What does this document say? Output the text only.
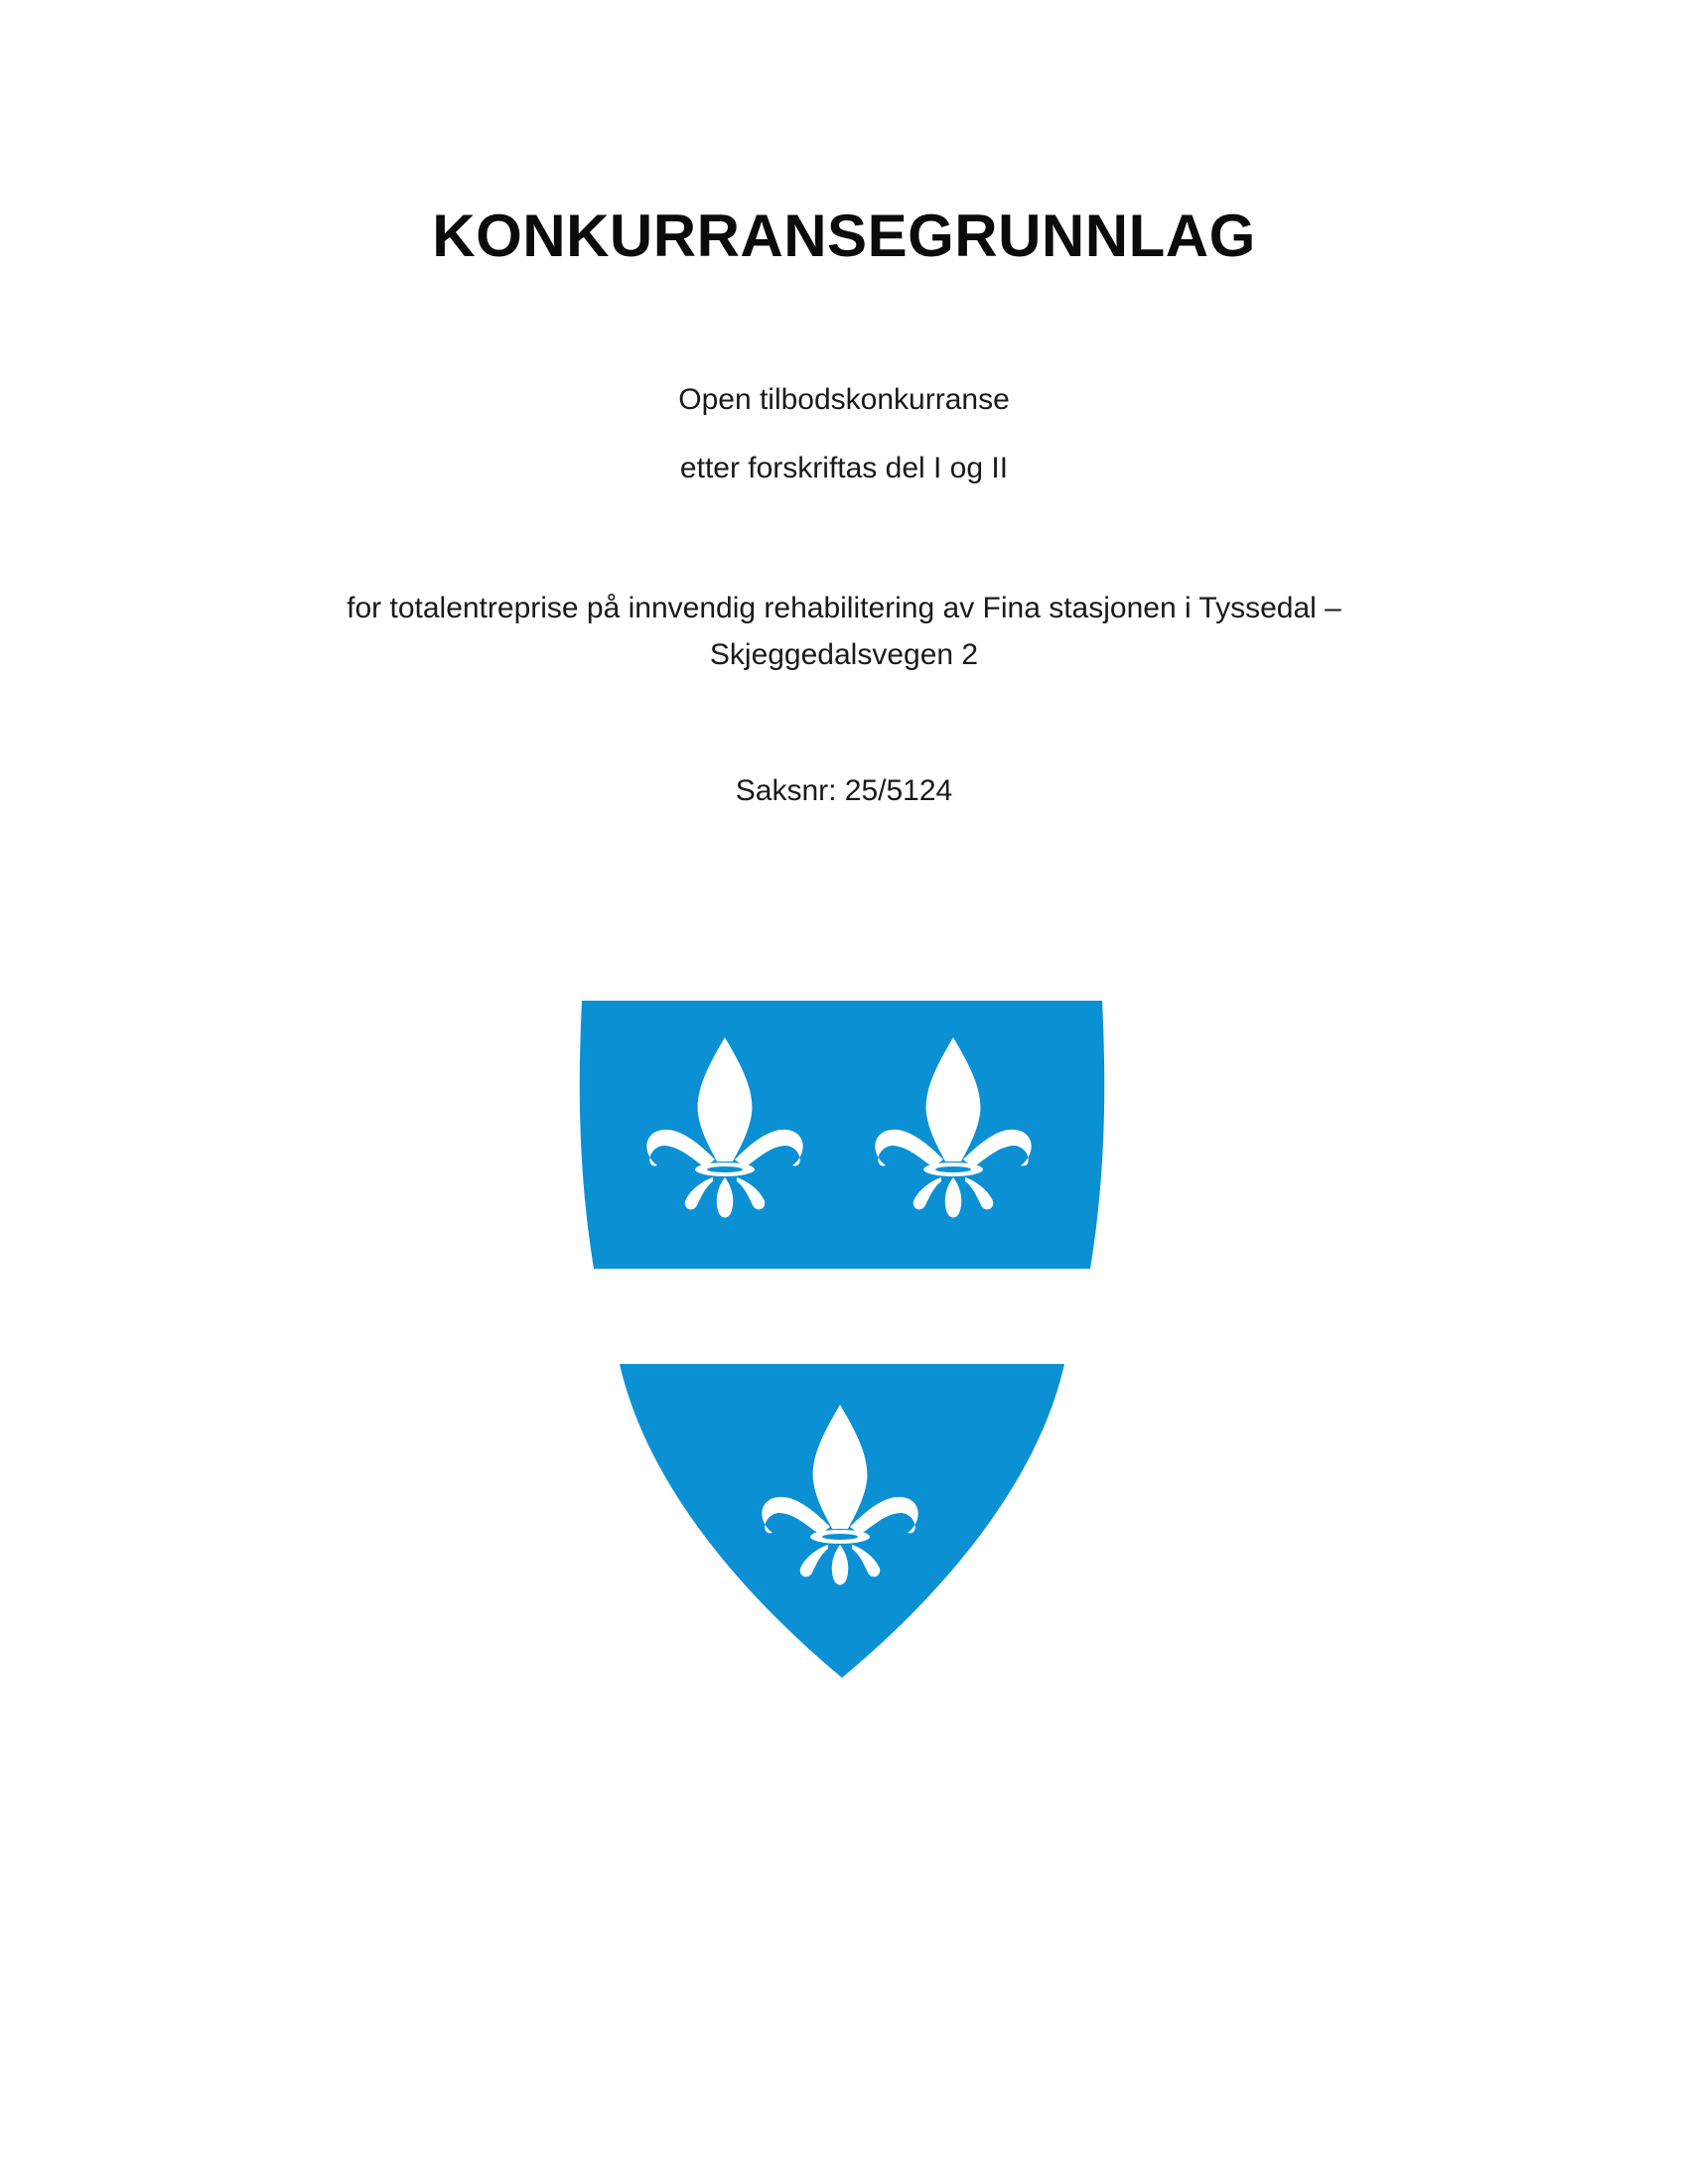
KONKURRANSEGRUNNLAG
Open tilbodskonkurranse
etter forskriftas del I og II
for totalentreprise på innvendig rehabilitering av Fina stasjonen i Tyssedal –
Skjeggedalsvegen 2
Saksnr: 25/5124
